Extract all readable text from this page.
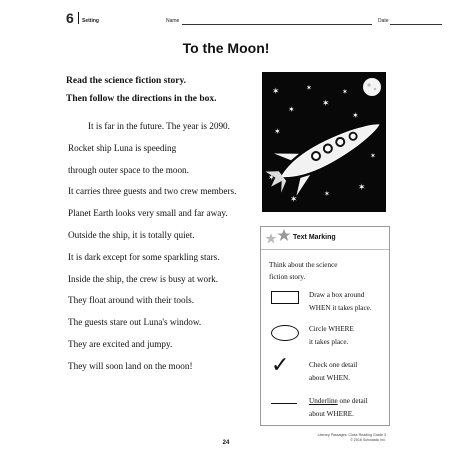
6 Setting	Name	Date
To the Moon!
Read the science fiction story.
Then follow the directions in the box.
It is far in the future. The year is 2090.
Rocket ship Luna is speeding
through outer space to the moon.
It carries three guests and two crew members.
Planet Earth looks very small and far away.
Outside the ship, it is totally quiet.
It is dark except for some sparkling stars.
Inside the ship, the crew is busy at work.
They float around with their tools.
The guests stare out Luna's window.
They are excited and jumpy.
They will soon land on the moon!
✶
✶
✶
✶
✶
✶
✶
✶
✶
✶
✶
✶
Text Marking
Think about the science
fiction story.
Draw a box around
WHEN it takes place.
Circle WHERE
it takes place.
✓	Check one detail
about WHEN.
Underline one detail
about WHERE.
Literary Passages: Close Reading Grade 3
© 2016 Scholastic Inc.
24
